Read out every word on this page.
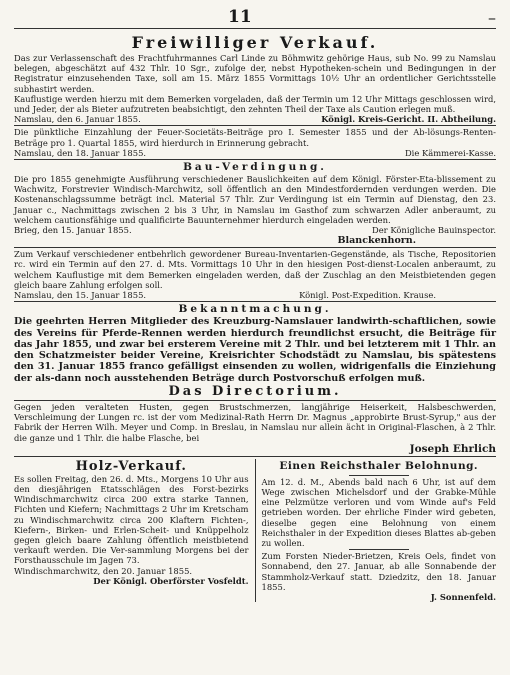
11	–
Freiwilliger Verkauf.

Das zur Verlassenschaft des Frachtfuhrmannes Carl Linde zu Böhmwitz gehörige Haus, sub No. 99 zu Namslau belegen, abgeschätzt auf 432 Thlr. 10 Sgr., zufolge der, nebst Hypotheken-schein und Bedingungen in der Registratur einzusehenden Taxe, soll am 15. März 1855 Vormittags 10½ Uhr an ordentlicher Gerichtsstelle subhastirt werden.

Kauflustige werden hierzu mit dem Bemerken vorgeladen, daß der Termin um 12 Uhr Mittags geschlossen wird, und Jeder, der als Bieter aufzutreten beabsichtigt, den zehnten Theil der Taxe als Caution erlegen muß.

Namslau, den 6. Januar 1855.	Königl. Kreis-Gericht. II. Abtheilung.

Die pünktliche Einzahlung der Feuer-Societäts-Beiträge pro I. Semester 1855 und der Ab-lösungs-Renten-Beträge pro 1. Quartal 1855, wird hierdurch in Erinnerung gebracht.

Namslau, den 18. Januar 1855.	Die Kämmerei-Kasse.
Bau-Verdingung.

Die pro 1855 genehmigte Ausführung verschiedener Bauslichkeiten auf dem Königl. Förster-Eta-blissement zu Wachwitz, Forstrevier Windisch-Marchwitz, soll öffentlich an den Mindestfordernden verdungen werden. Die Kostenanschlagssumme beträgt incl. Material 57 Thlr. Zur Verdingung ist ein Termin auf Dienstag, den 23. Januar c., Nachmittags zwischen 2 bis 3 Uhr, in Namslau im Gasthof zum schwarzen Adler anberaumt, zu welchem cautionsfähige und qualificirte Bauunternehmer hierdurch eingeladen werden.

Brieg, den 15. Januar 1855.	Der Königliche Bauinspector.
Blanckenhorn.

Zum Verkauf verschiedener entbehrlich gewordener Bureau-Inventarien-Gegenstände, als Tische, Repositorien rc. wird ein Termin auf den 27. d. Mts. Vormittags 10 Uhr in den hiesigen Post-dienst-Localen anberaumt, zu welchem Kauflustige mit dem Bemerken eingeladen werden, daß der Zuschlag an den Meistbietenden gegen gleich baare Zahlung erfolgen soll.

Namslau, den 15. Januar 1855.	Königl. Post-Expedition. Krause.
Bekanntmachung.

Die geehrten Herren Mitglieder des Kreuzburg-Namslauer landwirth-schaftlichen, sowie des Vereins für Pferde-Rennen werden hierdurch freundlichst ersucht, die Beiträge für das Jahr 1855, und zwar bei ersterem Vereine mit 2 Thlr. und bei letzterem mit 1 Thlr. an den Schatzmeister beider Vereine, Kreisrichter Schodstädt zu Namslau, bis spätestens den 31. Januar 1855 franco gefälligst einsenden zu wollen, widrigenfalls die Einziehung der als-dann noch ausstehenden Beträge durch Postvorschuß erfolgen muß.

Das Directorium.

Gegen jeden veralteten Husten, gegen Brustschmerzen, langjährige Heiserkeit, Halsbeschwerden, Verschleimung der Lungen rc. ist der vom Medizinal-Rath Herrn Dr. Magnus „approbirte Brust-Syrup," aus der Fabrik der Herren Wilh. Meyer und Comp. in Breslau, in Namslau nur allein ächt in Original-Flaschen, à 2 Thlr. die ganze und 1 Thlr. die halbe Flasche, bei

Joseph Ehrlich
Holz-Verkauf.

Es sollen Freitag, den 26. d. Mts., Morgens 10 Uhr aus den diesjährigen Etatsschlägen des Forst-bezirks Windischmarchwitz circa 200 extra starke Tannen, Fichten und Kiefern; Nachmittags 2 Uhr im Kretscham zu Windischmarchwitz circa 200 Klaftern Fichten-, Kiefern-, Birken- und Erlen-Scheit- und Knüppelholz gegen gleich baare Zahlung öffentlich meistbietend verkauft werden. Die Ver-sammlung Morgens bei der Forsthausschule im Jagen 73.

Windischmarchwitz, den 20. Januar 1855.

Der Königl. Oberförster Vosfeldt.

Einen Reichsthaler Belohnung.

Am 12. d. M., Abends bald nach 6 Uhr, ist auf dem Wege zwischen Michelsdorf und der Grabke-Mühle eine Pelzmütze verloren und vom Winde auf's Feld getrieben worden. Der ehrliche Finder wird gebeten, dieselbe gegen eine Belohnung von einem Reichsthaler in der Expedition dieses Blattes ab-geben zu wollen.

Zum Forsten Nieder-Brietzen, Kreis Oels, findet von Sonnabend, den 27. Januar, ab alle Sonnabende der Stammholz-Verkauf statt. Dziedzitz, den 18. Januar 1855.

J. Sonnenfeld.
